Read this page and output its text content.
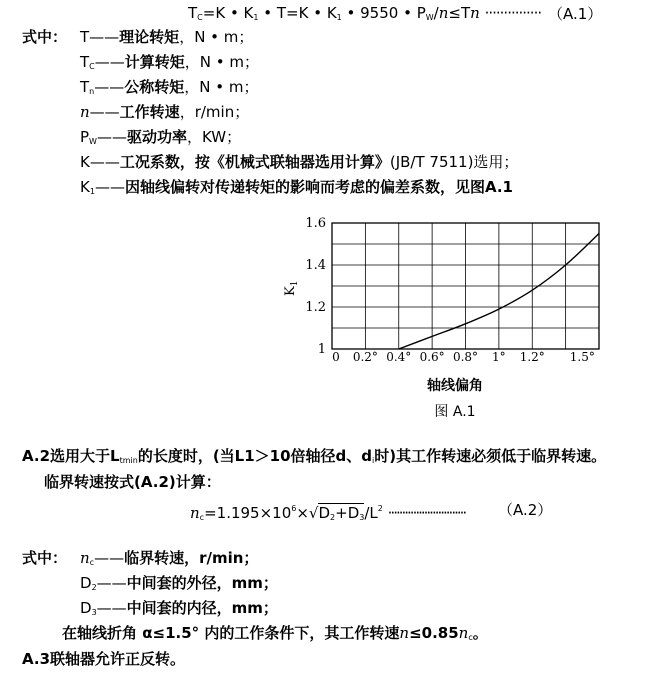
$T_C=K$ • $K_1$ • T=K • $K_1$ • 9550 • $P_W/n\le Tn$ ··············· （A.1）
式中： T——理论转矩，N • m；
$T_C——$计算转矩，N • m；
$T_n——$公称转矩，N • m；
n——工作转速，r/min；
$P_W——$驱动功率，KW；
K——工况系数，按《机械式联轴器选用计算》(JB/T 7511)选用；
$K_1——$因轴线偏转对传递转矩的影响而考虑的偏差系数，见图A.1
0 0.2° 0.4° 0.6° 0.8° 1° 1.2° 1.5°
1
1.2
1.4
1.6
$K_1$
轴线偏角
图 A.1
A.2选用大于$L_{tmin}$的长度时，(当L1＞10倍轴径d、$d_i$时)其工作转速必须低于临界转速。
临界转速按式(A.2)计算：
$n_c=1.195\times 10^6\times√D_2+D_3/L^2$ ···························· （A.2）
式中： $n_c——$临界转速，r/min；
$D_2——$中间套的外径，mm；
$D_3——$中间套的内径，mm；
在轴线折角 α≤1.5° 内的工作条件下，其工作转速$n\le 0.85n_c$。
A.3联轴器允许正反转。
